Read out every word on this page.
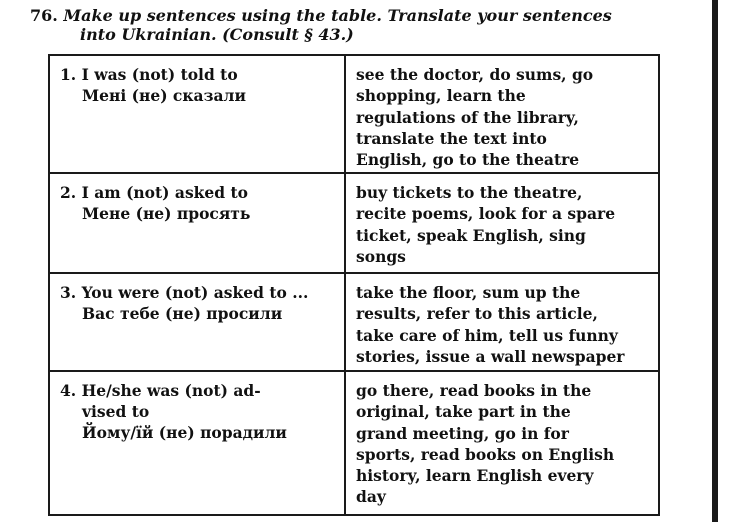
76. Make up sentences using the table. Translate your sentences
into Ukrainian. (Consult § 43.)
1. I was (not) told to
Мені (не) сказали
see the doctor, do sums, go
shopping, learn the
regulations of the library,
translate the text into
English, go to the theatre
2. I am (not) asked to
Мене (не) просять
buy tickets to the theatre,
recite poems, look for a spare
ticket, speak English, sing
songs
3. You were (not) asked to ...
Вас тебе (не) просили
take the floor, sum up the
results, refer to this article,
take care of him, tell us funny
stories, issue a wall newspaper
4. He/she was (not) ad-
vised to
Йому/їй (не) порадили
go there, read books in the
original, take part in the
grand meeting, go in for
sports, read books on English
history, learn English every
day
